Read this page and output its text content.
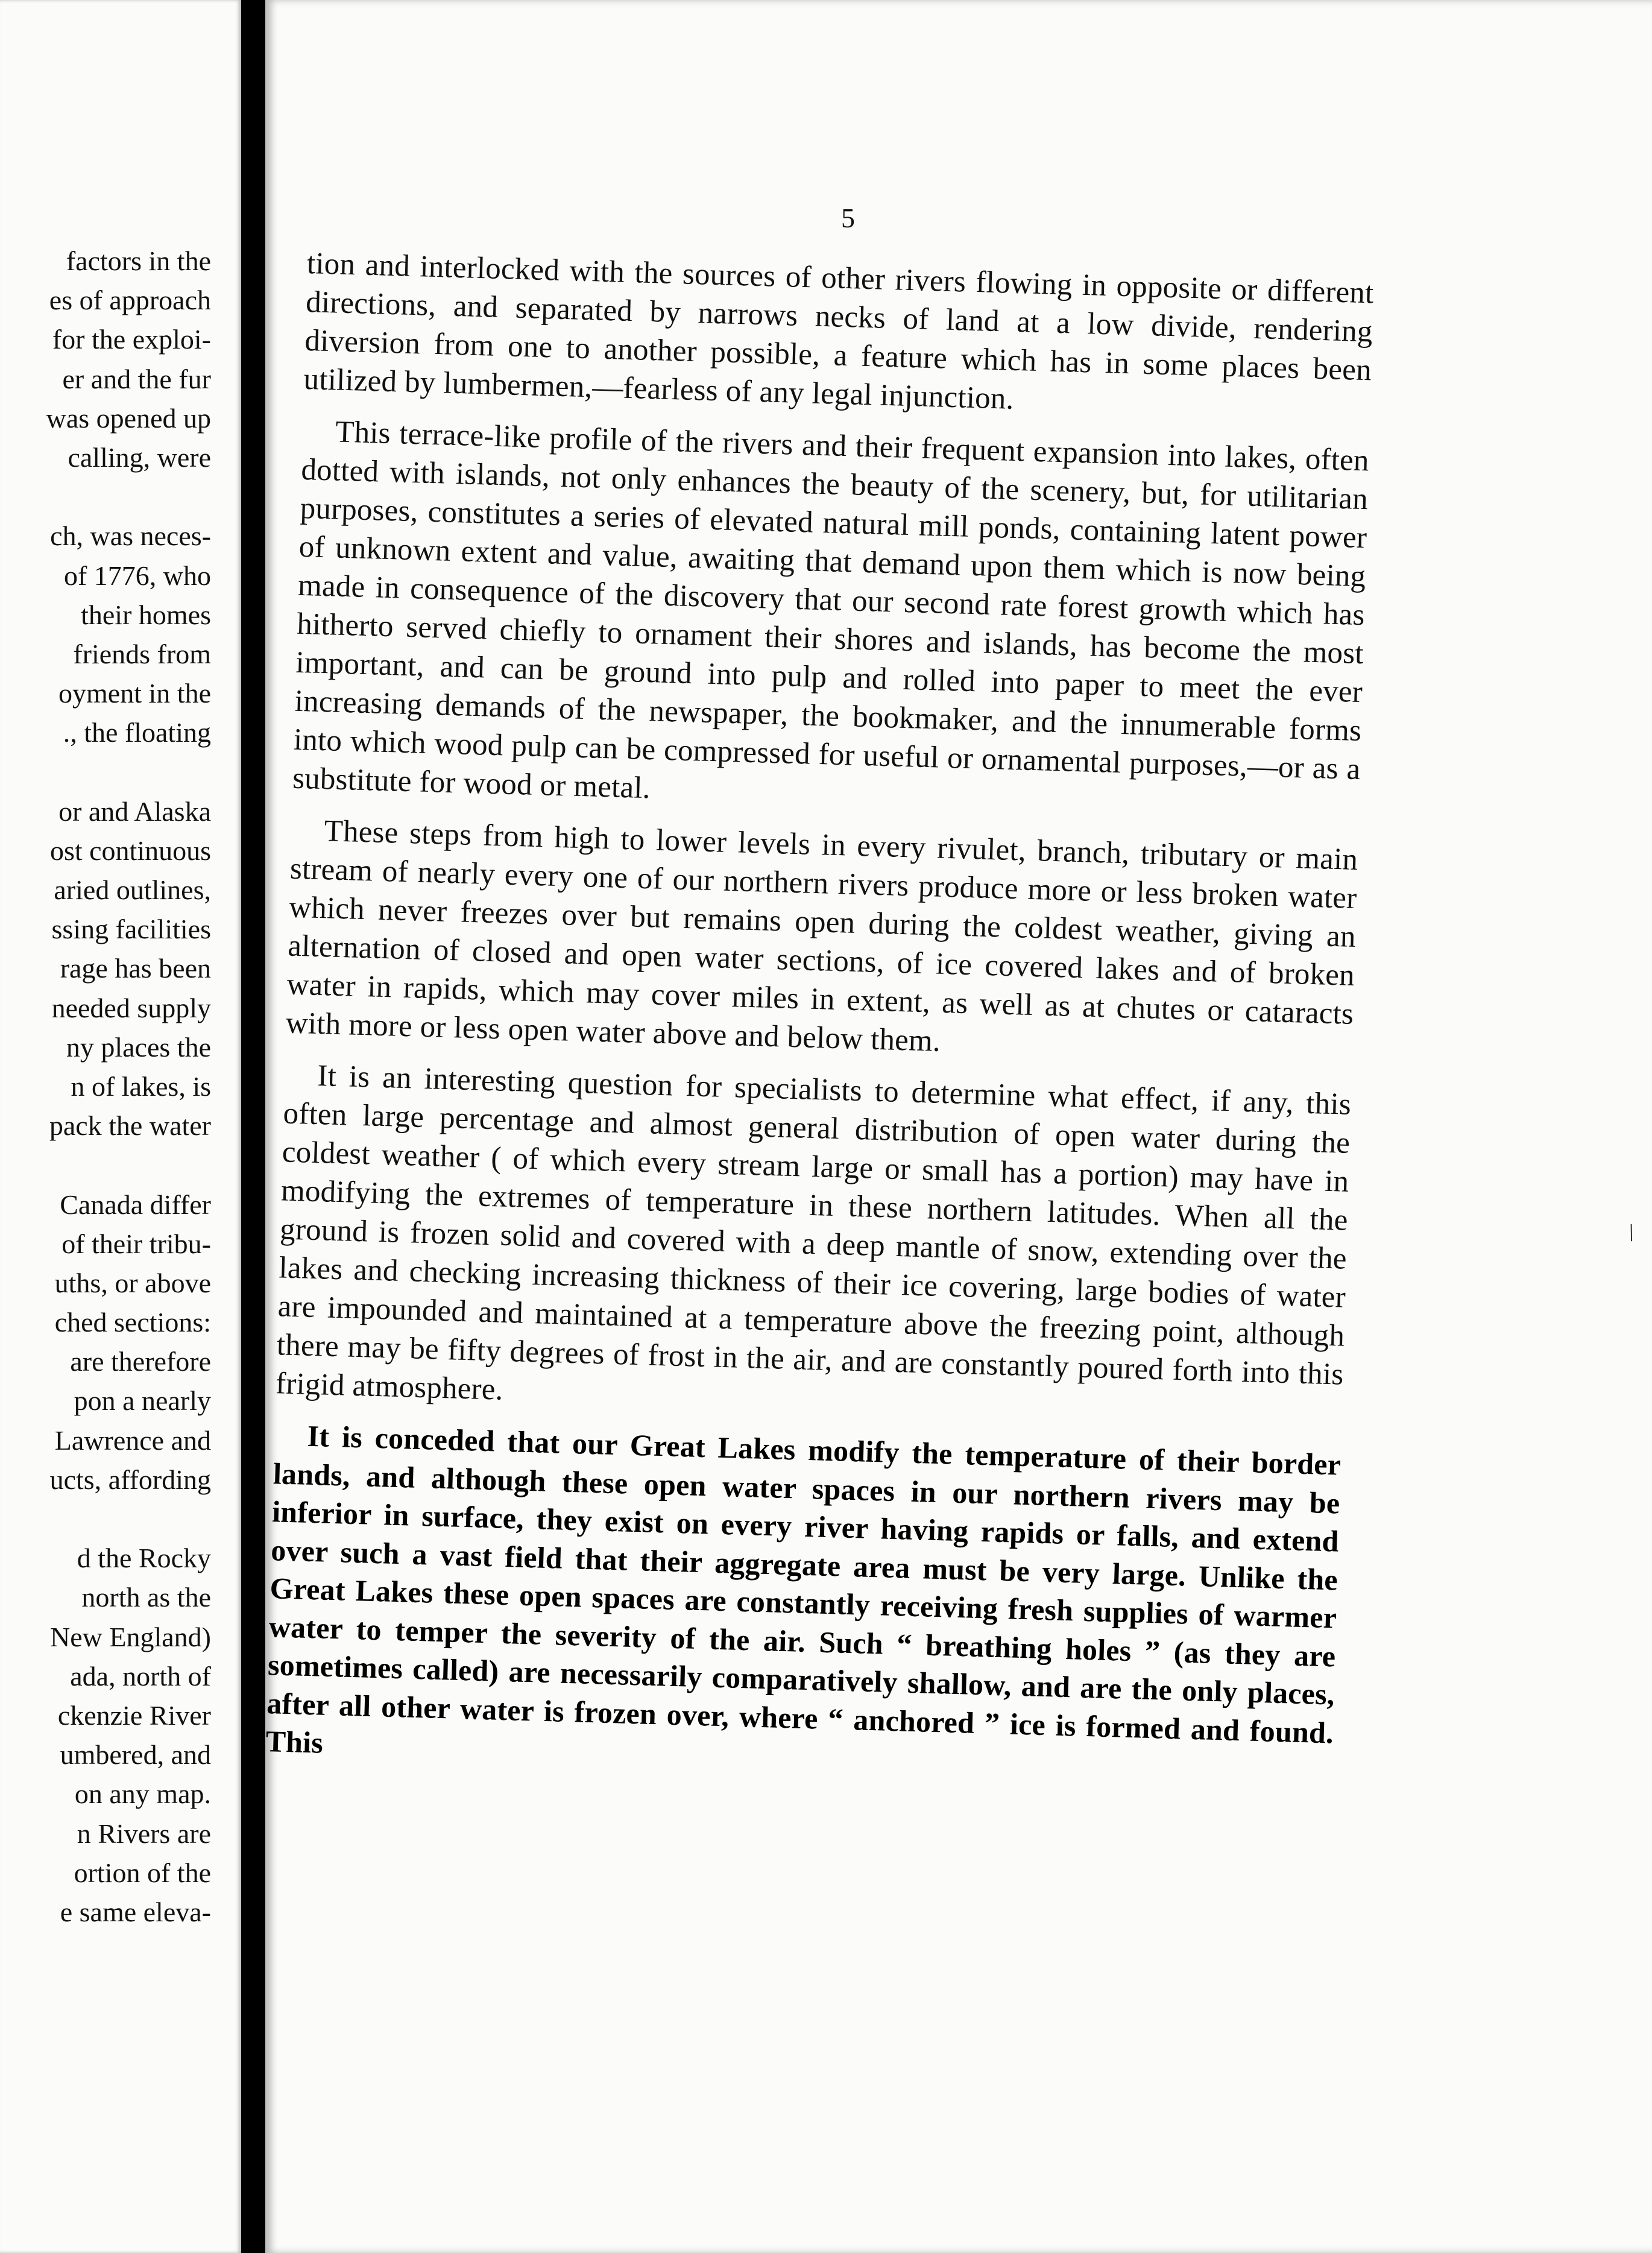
factors in the
es of approach
for the exploi-
er and the fur
was opened up
calling, were
ch, was neces-
of 1776, who
their homes
friends from
oyment in the
., the floating
or and Alaska
ost continuous
aried outlines,
ssing facilities
rage has been
needed supply
ny places the
n of lakes, is
pack the water
Canada differ
of their tribu-
uths, or above
ched sections:
are therefore
pon a nearly
Lawrence and
ucts, affording
d the Rocky
north as the
New England)
ada, north of
ckenzie River
umbered, and
on any map.
n Rivers are
ortion of the
e same eleva-
5

tion and interlocked with the sources of other rivers flowing in opposite or different directions, and separated by narrows necks of land at a low divide, rendering diversion from one to another possible, a feature which has in some places been utilized by lumbermen,—fearless of any legal injunction.

This terrace-like profile of the rivers and their frequent expansion into lakes, often dotted with islands, not only enhances the beauty of the scenery, but, for utilitarian purposes, constitutes a series of elevated natural mill ponds, containing latent power of unknown extent and value, awaiting that demand upon them which is now being made in consequence of the discovery that our second rate forest growth which has hitherto served chiefly to ornament their shores and islands, has become the most important, and can be ground into pulp and rolled into paper to meet the ever increasing demands of the newspaper, the bookmaker, and the innumerable forms into which wood pulp can be compressed for useful or ornamental purposes,—or as a substitute for wood or metal.

These steps from high to lower levels in every rivulet, branch, tributary or main stream of nearly every one of our northern rivers produce more or less broken water which never freezes over but remains open during the coldest weather, giving an alternation of closed and open water sections, of ice covered lakes and of broken water in rapids, which may cover miles in extent, as well as at chutes or cataracts with more or less open water above and below them.

It is an interesting question for specialists to determine what effect, if any, this often large percentage and almost general distribution of open water during the coldest weather ( of which every stream large or small has a portion) may have in modifying the extremes of temperature in these northern latitudes. When all the ground is frozen solid and covered with a deep mantle of snow, extending over the lakes and checking increasing thickness of their ice covering, large bodies of water are impounded and maintained at a temperature above the freezing point, although there may be fifty degrees of frost in the air, and are constantly poured forth into this frigid atmosphere.

It is conceded that our Great Lakes modify the temperature of their border lands, and although these open water spaces in our northern rivers may be inferior in surface, they exist on every river having rapids or falls, and extend over such a vast field that their aggregate area must be very large. Unlike the Great Lakes these open spaces are constantly receiving fresh supplies of warmer water to temper the severity of the air. Such “ breathing holes ” (as they are sometimes called) are necessarily comparatively shallow, and are the only places, after all other water is frozen over, where “ anchored ” ice is formed and found. This

/
